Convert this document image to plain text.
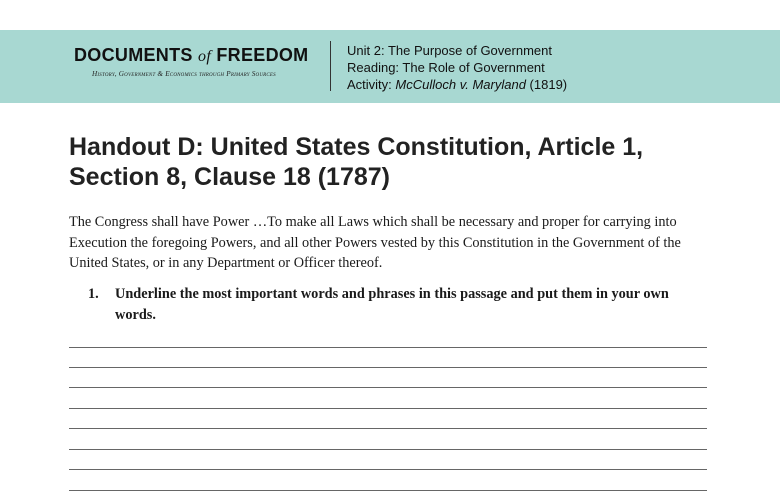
DOCUMENTS of FREEDOM
History, Government & Economics through Primary Sources
Unit 2: The Purpose of Government
Reading: The Role of Government
Activity: McCulloch v. Maryland (1819)
Handout D: United States Constitution, Article 1,
Section 8, Clause 18 (1787)

The Congress shall have Power …To make all Laws which shall be necessary and proper for carrying into Execution the foregoing Powers, and all other Powers vested by this Constitution in the Government of the United States, or in any Department or Officer thereof.

1. Underline the most important words and phrases in this passage and put them in your own words.
